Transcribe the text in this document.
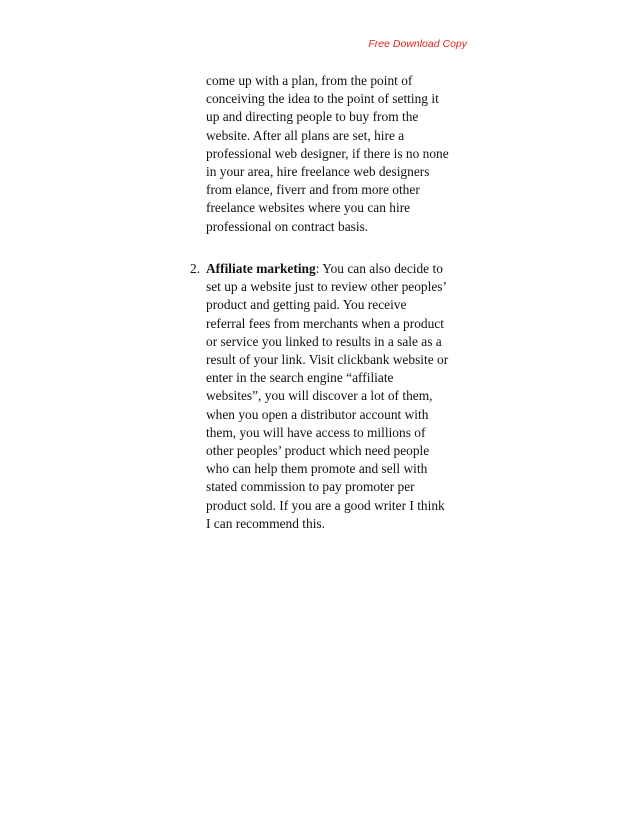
Free Download Copy
come up with a plan, from the point of
conceiving the idea to the point of setting it
up and directing people to buy from the
website. After all plans are set, hire a
professional web designer, if there is no none
in your area, hire freelance web designers
from elance, fiverr and from more other
freelance websites where you can hire
professional on contract basis.
2. Affiliate marketing: You can also decide to
set up a website just to review other peoples’
product and getting paid. You receive
referral fees from merchants when a product
or service you linked to results in a sale as a
result of your link. Visit clickbank website or
enter in the search engine “affiliate
websites”, you will discover a lot of them,
when you open a distributor account with
them, you will have access to millions of
other peoples’ product which need people
who can help them promote and sell with
stated commission to pay promoter per
product sold. If you are a good writer I think
I can recommend this.
